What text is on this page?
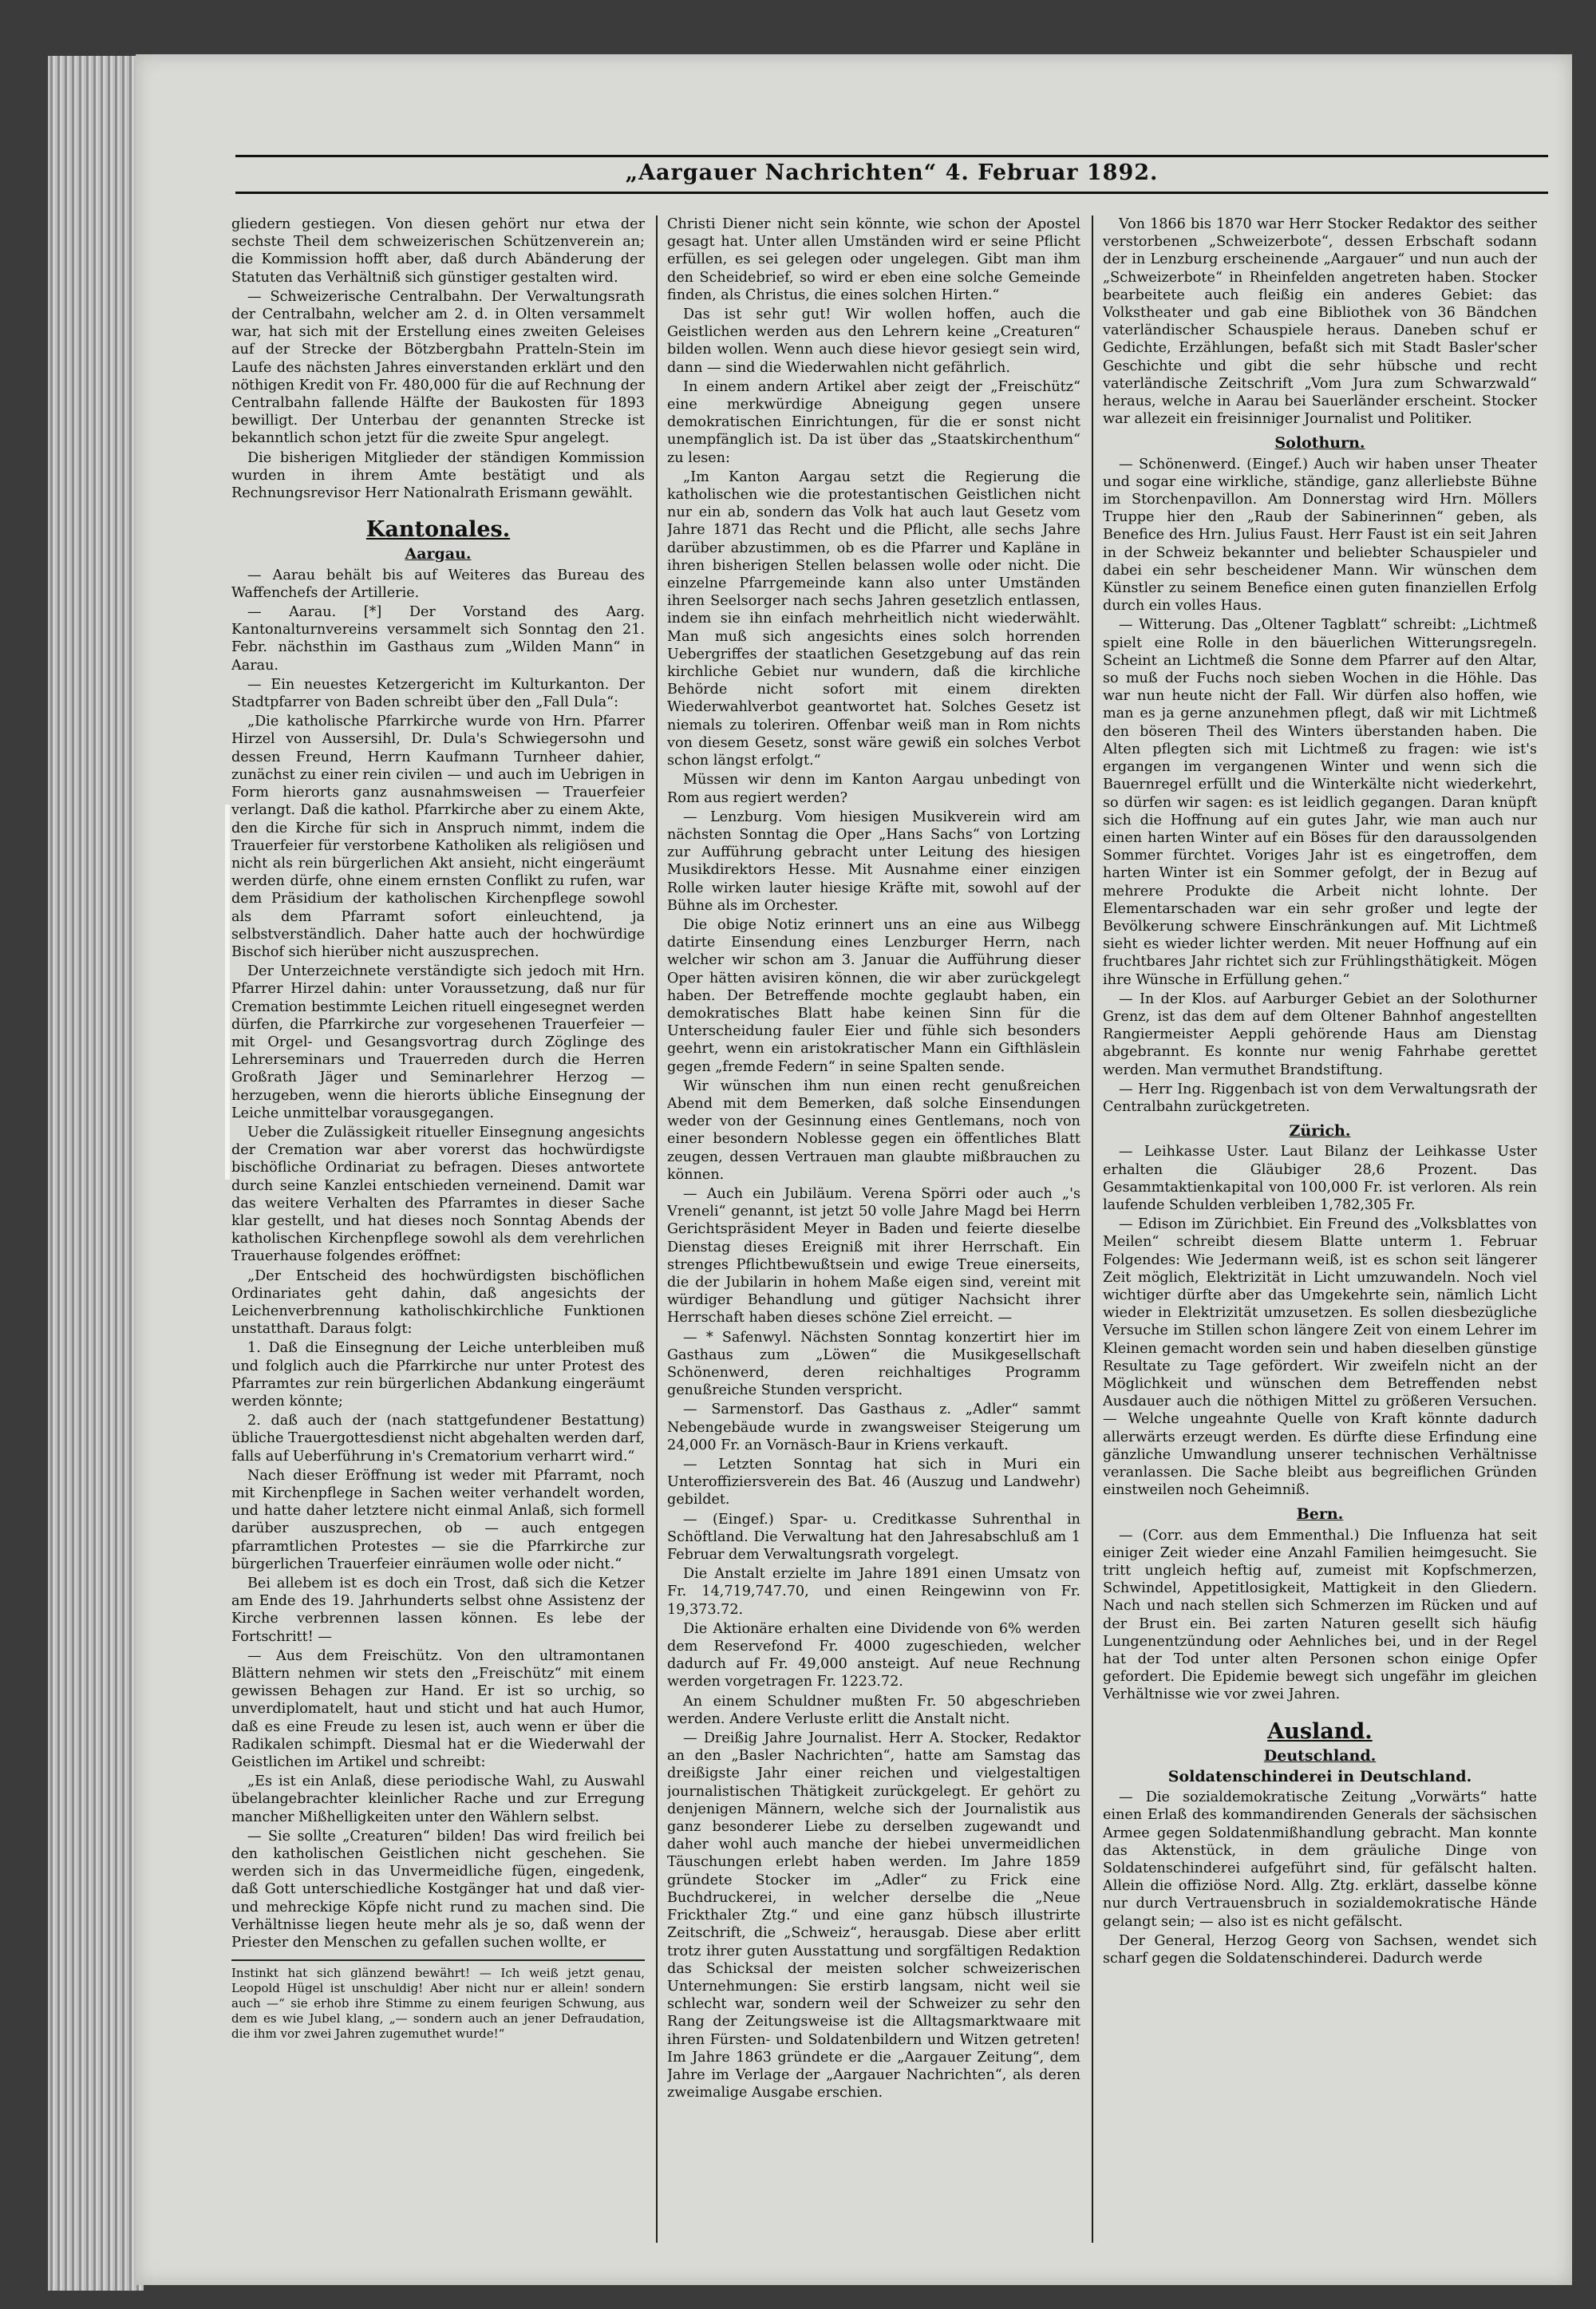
„Aargauer Nachrichten“ 4. Februar 1892.

gliedern gestiegen. Von diesen gehört nur etwa der sechste Theil dem schweizerischen Schützenverein an; die Kommission hofft aber, daß durch Abänderung der Statuten das Verhältniß sich günstiger gestalten wird.

— Schweizerische Centralbahn. Der Verwaltungsrath der Centralbahn, welcher am 2. d. in Olten versammelt war, hat sich mit der Erstellung eines zweiten Geleises auf der Strecke der Bötzbergbahn Pratteln-Stein im Laufe des nächsten Jahres einverstanden erklärt und den nöthigen Kredit von Fr. 480,000 für die auf Rechnung der Centralbahn fallende Hälfte der Baukosten für 1893 bewilligt. Der Unterbau der genannten Strecke ist bekanntlich schon jetzt für die zweite Spur angelegt.

Die bisherigen Mitglieder der ständigen Kommission wurden in ihrem Amte bestätigt und als Rechnungsrevisor Herr Nationalrath Erismann gewählt.

Kantonales.
Aargau.

— Aarau behält bis auf Weiteres das Bureau des Waffenchefs der Artillerie.

— Aarau. [*] Der Vorstand des Aarg. Kantonalturnvereins versammelt sich Sonntag den 21. Febr. nächsthin im Gasthaus zum „Wilden Mann“ in Aarau.

— Ein neuestes Ketzergericht im Kulturkanton. Der Stadtpfarrer von Baden schreibt über den „Fall Dula“:

„Die katholische Pfarrkirche wurde von Hrn. Pfarrer Hirzel von Aussersihl, Dr. Dula's Schwiegersohn und dessen Freund, Herrn Kaufmann Turnheer dahier, zunächst zu einer rein civilen — und auch im Uebrigen in Form hierorts ganz ausnahmsweisen — Trauerfeier verlangt. Daß die kathol. Pfarrkirche aber zu einem Akte, den die Kirche für sich in Anspruch nimmt, indem die Trauerfeier für verstorbene Katholiken als religiösen und nicht als rein bürgerlichen Akt ansieht, nicht eingeräumt werden dürfe, ohne einem ernsten Conflikt zu rufen, war dem Präsidium der katholischen Kirchenpflege sowohl als dem Pfarramt sofort einleuchtend, ja selbstverständlich. Daher hatte auch der hochwürdige Bischof sich hierüber nicht auszusprechen.

Der Unterzeichnete verständigte sich jedoch mit Hrn. Pfarrer Hirzel dahin: unter Voraussetzung, daß nur für Cremation bestimmte Leichen rituell eingesegnet werden dürfen, die Pfarrkirche zur vorgesehenen Trauerfeier — mit Orgel- und Gesangsvortrag durch Zöglinge des Lehrerseminars und Trauerreden durch die Herren Großrath Jäger und Seminarlehrer Herzog — herzugeben, wenn die hierorts übliche Einsegnung der Leiche unmittelbar vorausgegangen.

Ueber die Zulässigkeit ritueller Einsegnung angesichts der Cremation war aber vorerst das hochwürdigste bischöfliche Ordinariat zu befragen. Dieses antwortete durch seine Kanzlei entschieden verneinend. Damit war das weitere Verhalten des Pfarramtes in dieser Sache klar gestellt, und hat dieses noch Sonntag Abends der katholischen Kirchenpflege sowohl als dem verehrlichen Trauerhause folgendes eröffnet:

„Der Entscheid des hochwürdigsten bischöflichen Ordinariates geht dahin, daß angesichts der Leichenverbrennung katholischkirchliche Funktionen unstatthaft. Daraus folgt:

1. Daß die Einsegnung der Leiche unterbleiben muß und folglich auch die Pfarrkirche nur unter Protest des Pfarramtes zur rein bürgerlichen Abdankung eingeräumt werden könnte;

2. daß auch der (nach stattgefundener Bestattung) übliche Trauergottesdienst nicht abgehalten werden darf, falls auf Ueberführung in's Crematorium verharrt wird.“

Nach dieser Eröffnung ist weder mit Pfarramt, noch mit Kirchenpflege in Sachen weiter verhandelt worden, und hatte daher letztere nicht einmal Anlaß, sich formell darüber auszusprechen, ob — auch entgegen pfarramtlichen Protestes — sie die Pfarrkirche zur bürgerlichen Trauerfeier einräumen wolle oder nicht.“

Bei allebem ist es doch ein Trost, daß sich die Ketzer am Ende des 19. Jahrhunderts selbst ohne Assistenz der Kirche verbrennen lassen können. Es lebe der Fortschritt! —

— Aus dem Freischütz. Von den ultramontanen Blättern nehmen wir stets den „Freischütz“ mit einem gewissen Behagen zur Hand. Er ist so urchig, so unverdiplomatelt, haut und sticht und hat auch Humor, daß es eine Freude zu lesen ist, auch wenn er über die Radikalen schimpft. Diesmal hat er die Wiederwahl der Geistlichen im Artikel und schreibt:

„Es ist ein Anlaß, diese periodische Wahl, zu Auswahl übelangebrachter kleinlicher Rache und zur Erregung mancher Mißhelligkeiten unter den Wählern selbst.

— Sie sollte „Creaturen“ bilden! Das wird freilich bei den katholischen Geistlichen nicht geschehen. Sie werden sich in das Unvermeidliche fügen, eingedenk, daß Gott unterschiedliche Kostgänger hat und daß vier- und mehreckige Köpfe nicht rund zu machen sind. Die Verhältnisse liegen heute mehr als je so, daß wenn der Priester den Menschen zu gefallen suchen wollte, er

Instinkt hat sich glänzend bewährt! — Ich weiß jetzt genau, Leopold Hügel ist unschuldig! Aber nicht nur er allein! sondern auch —“ sie erhob ihre Stimme zu einem feurigen Schwung, aus dem es wie Jubel klang, „— sondern auch an jener Defraudation, die ihm vor zwei Jahren zugemuthet wurde!“

Christi Diener nicht sein könnte, wie schon der Apostel gesagt hat. Unter allen Umständen wird er seine Pflicht erfüllen, es sei gelegen oder ungelegen. Gibt man ihm den Scheidebrief, so wird er eben eine solche Gemeinde finden, als Christus, die eines solchen Hirten.“

Das ist sehr gut! Wir wollen hoffen, auch die Geistlichen werden aus den Lehrern keine „Creaturen“ bilden wollen. Wenn auch diese hievor gesiegt sein wird, dann — sind die Wiederwahlen nicht gefährlich.

In einem andern Artikel aber zeigt der „Freischütz“ eine merkwürdige Abneigung gegen unsere demokratischen Einrichtungen, für die er sonst nicht unempfänglich ist. Da ist über das „Staatskirchenthum“ zu lesen:

„Im Kanton Aargau setzt die Regierung die katholischen wie die protestantischen Geistlichen nicht nur ein ab, sondern das Volk hat auch laut Gesetz vom Jahre 1871 das Recht und die Pflicht, alle sechs Jahre darüber abzustimmen, ob es die Pfarrer und Kapläne in ihren bisherigen Stellen belassen wolle oder nicht. Die einzelne Pfarrgemeinde kann also unter Umständen ihren Seelsorger nach sechs Jahren gesetzlich entlassen, indem sie ihn einfach mehrheitlich nicht wiederwählt. Man muß sich angesichts eines solch horrenden Uebergriffes der staatlichen Gesetzgebung auf das rein kirchliche Gebiet nur wundern, daß die kirchliche Behörde nicht sofort mit einem direkten Wiederwahlverbot geantwortet hat. Solches Gesetz ist niemals zu toleriren. Offenbar weiß man in Rom nichts von diesem Gesetz, sonst wäre gewiß ein solches Verbot schon längst erfolgt.“

Müssen wir denn im Kanton Aargau unbedingt von Rom aus regiert werden?

— Lenzburg. Vom hiesigen Musikverein wird am nächsten Sonntag die Oper „Hans Sachs“ von Lortzing zur Aufführung gebracht unter Leitung des hiesigen Musikdirektors Hesse. Mit Ausnahme einer einzigen Rolle wirken lauter hiesige Kräfte mit, sowohl auf der Bühne als im Orchester.

Die obige Notiz erinnert uns an eine aus Wilbegg datirte Einsendung eines Lenzburger Herrn, nach welcher wir schon am 3. Januar die Aufführung dieser Oper hätten avisiren können, die wir aber zurückgelegt haben. Der Betreffende mochte geglaubt haben, ein demokratisches Blatt habe keinen Sinn für die Unterscheidung fauler Eier und fühle sich besonders geehrt, wenn ein aristokratischer Mann ein Gifthläslein gegen „fremde Federn“ in seine Spalten sende.

Wir wünschen ihm nun einen recht genußreichen Abend mit dem Bemerken, daß solche Einsendungen weder von der Gesinnung eines Gentlemans, noch von einer besondern Noblesse gegen ein öffentliches Blatt zeugen, dessen Vertrauen man glaubte mißbrauchen zu können.

— Auch ein Jubiläum. Verena Spörri oder auch „'s Vreneli“ genannt, ist jetzt 50 volle Jahre Magd bei Herrn Gerichtspräsident Meyer in Baden und feierte dieselbe Dienstag dieses Ereigniß mit ihrer Herrschaft. Ein strenges Pflichtbewußtsein und ewige Treue einerseits, die der Jubilarin in hohem Maße eigen sind, vereint mit würdiger Behandlung und gütiger Nachsicht ihrer Herrschaft haben dieses schöne Ziel erreicht. —

— * Safenwyl. Nächsten Sonntag konzertirt hier im Gasthaus zum „Löwen“ die Musikgesellschaft Schönenwerd, deren reichhaltiges Programm genußreiche Stunden verspricht.

— Sarmenstorf. Das Gasthaus z. „Adler“ sammt Nebengebäude wurde in zwangsweiser Steigerung um 24,000 Fr. an Vornäsch-Baur in Kriens verkauft.

— Letzten Sonntag hat sich in Muri ein Unteroffiziersverein des Bat. 46 (Auszug und Landwehr) gebildet.

— (Eingef.) Spar- u. Creditkasse Suhrenthal in Schöftland. Die Verwaltung hat den Jahresabschluß am 1 Februar dem Verwaltungsrath vorgelegt.

Die Anstalt erzielte im Jahre 1891 einen Umsatz von Fr. 14,719,747.70, und einen Reingewinn von Fr. 19,373.72.

Die Aktionäre erhalten eine Dividende von 6% werden dem Reservefond Fr. 4000 zugeschieden, welcher dadurch auf Fr. 49,000 ansteigt. Auf neue Rechnung werden vorgetragen Fr. 1223.72.

An einem Schuldner mußten Fr. 50 abgeschrieben werden. Andere Verluste erlitt die Anstalt nicht.

— Dreißig Jahre Journalist. Herr A. Stocker, Redaktor an den „Basler Nachrichten“, hatte am Samstag das dreißigste Jahr einer reichen und vielgestaltigen journalistischen Thätigkeit zurückgelegt. Er gehört zu denjenigen Männern, welche sich der Journalistik aus ganz besonderer Liebe zu derselben zugewandt und daher wohl auch manche der hiebei unvermeidlichen Täuschungen erlebt haben werden. Im Jahre 1859 gründete Stocker im „Adler“ zu Frick eine Buchdruckerei, in welcher derselbe die „Neue Frickthaler Ztg.“ und eine ganz hübsch illustrirte Zeitschrift, die „Schweiz“, herausgab. Diese aber erlitt trotz ihrer guten Ausstattung und sorgfältigen Redaktion das Schicksal der meisten solcher schweizerischen Unternehmungen: Sie erstirb langsam, nicht weil sie schlecht war, sondern weil der Schweizer zu sehr den Rang der Zeitungsweise ist die Alltagsmarktwaare mit ihren Fürsten- und Soldatenbildern und Witzen getreten! Im Jahre 1863 gründete er die „Aargauer Zeitung“, dem Jahre im Verlage der „Aargauer Nachrichten“, als deren zweimalige Ausgabe erschien.

Von 1866 bis 1870 war Herr Stocker Redaktor des seither verstorbenen „Schweizerbote“, dessen Erbschaft sodann der in Lenzburg erscheinende „Aargauer“ und nun auch der „Schweizerbote“ in Rheinfelden angetreten haben. Stocker bearbeitete auch fleißig ein anderes Gebiet: das Volkstheater und gab eine Bibliothek von 36 Bändchen vaterländischer Schauspiele heraus. Daneben schuf er Gedichte, Erzählungen, befaßt sich mit Stadt Basler'scher Geschichte und gibt die sehr hübsche und recht vaterländische Zeitschrift „Vom Jura zum Schwarzwald“ heraus, welche in Aarau bei Sauerländer erscheint. Stocker war allezeit ein freisinniger Journalist und Politiker.

Solothurn.

— Schönenwerd. (Eingef.) Auch wir haben unser Theater und sogar eine wirkliche, ständige, ganz allerliebste Bühne im Storchenpavillon. Am Donnerstag wird Hrn. Möllers Truppe hier den „Raub der Sabinerinnen“ geben, als Benefice des Hrn. Julius Faust. Herr Faust ist ein seit Jahren in der Schweiz bekannter und beliebter Schauspieler und dabei ein sehr bescheidener Mann. Wir wünschen dem Künstler zu seinem Benefice einen guten finanziellen Erfolg durch ein volles Haus.

— Witterung. Das „Oltener Tagblatt“ schreibt: „Lichtmeß spielt eine Rolle in den bäuerlichen Witterungsregeln. Scheint an Lichtmeß die Sonne dem Pfarrer auf den Altar, so muß der Fuchs noch sieben Wochen in die Höhle. Das war nun heute nicht der Fall. Wir dürfen also hoffen, wie man es ja gerne anzunehmen pflegt, daß wir mit Lichtmeß den böseren Theil des Winters überstanden haben. Die Alten pflegten sich mit Lichtmeß zu fragen: wie ist's ergangen im vergangenen Winter und wenn sich die Bauernregel erfüllt und die Winterkälte nicht wiederkehrt, so dürfen wir sagen: es ist leidlich gegangen. Daran knüpft sich die Hoffnung auf ein gutes Jahr, wie man auch nur einen harten Winter auf ein Böses für den daraussolgenden Sommer fürchtet. Voriges Jahr ist es eingetroffen, dem harten Winter ist ein Sommer gefolgt, der in Bezug auf mehrere Produkte die Arbeit nicht lohnte. Der Elementarschaden war ein sehr großer und legte der Bevölkerung schwere Einschränkungen auf. Mit Lichtmeß sieht es wieder lichter werden. Mit neuer Hoffnung auf ein fruchtbares Jahr richtet sich zur Frühlingsthätigkeit. Mögen ihre Wünsche in Erfüllung gehen.“

— In der Klos. auf Aarburger Gebiet an der Solothurner Grenz, ist das dem auf dem Oltener Bahnhof angestellten Rangiermeister Aeppli gehörende Haus am Dienstag abgebrannt. Es konnte nur wenig Fahrhabe gerettet werden. Man vermuthet Brandstiftung.

— Herr Ing. Riggenbach ist von dem Verwaltungsrath der Centralbahn zurückgetreten.

Zürich.

— Leihkasse Uster. Laut Bilanz der Leihkasse Uster erhalten die Gläubiger 28,6 Prozent. Das Gesammtaktienkapital von 100,000 Fr. ist verloren. Als rein laufende Schulden verbleiben 1,782,305 Fr.

— Edison im Zürichbiet. Ein Freund des „Volksblattes von Meilen“ schreibt diesem Blatte unterm 1. Februar Folgendes: Wie Jedermann weiß, ist es schon seit längerer Zeit möglich, Elektrizität in Licht umzuwandeln. Noch viel wichtiger dürfte aber das Umgekehrte sein, nämlich Licht wieder in Elektrizität umzusetzen. Es sollen diesbezügliche Versuche im Stillen schon längere Zeit von einem Lehrer im Kleinen gemacht worden sein und haben dieselben günstige Resultate zu Tage gefördert. Wir zweifeln nicht an der Möglichkeit und wünschen dem Betreffenden nebst Ausdauer auch die nöthigen Mittel zu größeren Versuchen. — Welche ungeahnte Quelle von Kraft könnte dadurch allerwärts erzeugt werden. Es dürfte diese Erfindung eine gänzliche Umwandlung unserer technischen Verhältnisse veranlassen. Die Sache bleibt aus begreiflichen Gründen einstweilen noch Geheimniß.

Bern.

— (Corr. aus dem Emmenthal.) Die Influenza hat seit einiger Zeit wieder eine Anzahl Familien heimgesucht. Sie tritt ungleich heftig auf, zumeist mit Kopfschmerzen, Schwindel, Appetitlosigkeit, Mattigkeit in den Gliedern. Nach und nach stellen sich Schmerzen im Rücken und auf der Brust ein. Bei zarten Naturen gesellt sich häufig Lungenentzündung oder Aehnliches bei, und in der Regel hat der Tod unter alten Personen schon einige Opfer gefordert. Die Epidemie bewegt sich ungefähr im gleichen Verhältnisse wie vor zwei Jahren.

Ausland.
Deutschland.
Soldatenschinderei in Deutschland.

— Die sozialdemokratische Zeitung „Vorwärts“ hatte einen Erlaß des kommandirenden Generals der sächsischen Armee gegen Soldatenmißhandlung gebracht. Man konnte das Aktenstück, in dem gräuliche Dinge von Soldatenschinderei aufgeführt sind, für gefälscht halten. Allein die offiziöse Nord. Allg. Ztg. erklärt, dasselbe könne nur durch Vertrauensbruch in sozialdemokratische Hände gelangt sein; — also ist es nicht gefälscht.

Der General, Herzog Georg von Sachsen, wendet sich scharf gegen die Soldatenschinderei. Dadurch werde
